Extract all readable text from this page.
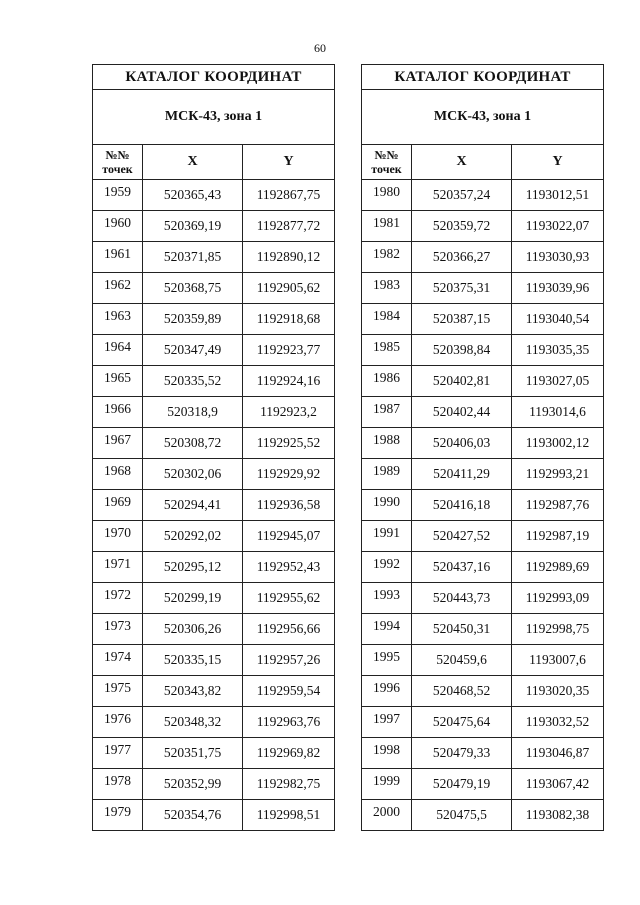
60
КАТАЛОГ КООРДИНАТ		
МСК-43, зона 1		
№№
точек	X	Y
1959	520365,43	1192867,75
1960	520369,19	1192877,72
1961	520371,85	1192890,12
1962	520368,75	1192905,62
1963	520359,89	1192918,68
1964	520347,49	1192923,77
1965	520335,52	1192924,16
1966	520318,9	1192923,2
1967	520308,72	1192925,52
1968	520302,06	1192929,92
1969	520294,41	1192936,58
1970	520292,02	1192945,07
1971	520295,12	1192952,43
1972	520299,19	1192955,62
1973	520306,26	1192956,66
1974	520335,15	1192957,26
1975	520343,82	1192959,54
1976	520348,32	1192963,76
1977	520351,75	1192969,82
1978	520352,99	1192982,75
1979	520354,76	1192998,51
КАТАЛОГ КООРДИНАТ		
МСК-43, зона 1		
№№
точек	X	Y
1980	520357,24	1193012,51
1981	520359,72	1193022,07
1982	520366,27	1193030,93
1983	520375,31	1193039,96
1984	520387,15	1193040,54
1985	520398,84	1193035,35
1986	520402,81	1193027,05
1987	520402,44	1193014,6
1988	520406,03	1193002,12
1989	520411,29	1192993,21
1990	520416,18	1192987,76
1991	520427,52	1192987,19
1992	520437,16	1192989,69
1993	520443,73	1192993,09
1994	520450,31	1192998,75
1995	520459,6	1193007,6
1996	520468,52	1193020,35
1997	520475,64	1193032,52
1998	520479,33	1193046,87
1999	520479,19	1193067,42
2000	520475,5	1193082,38
